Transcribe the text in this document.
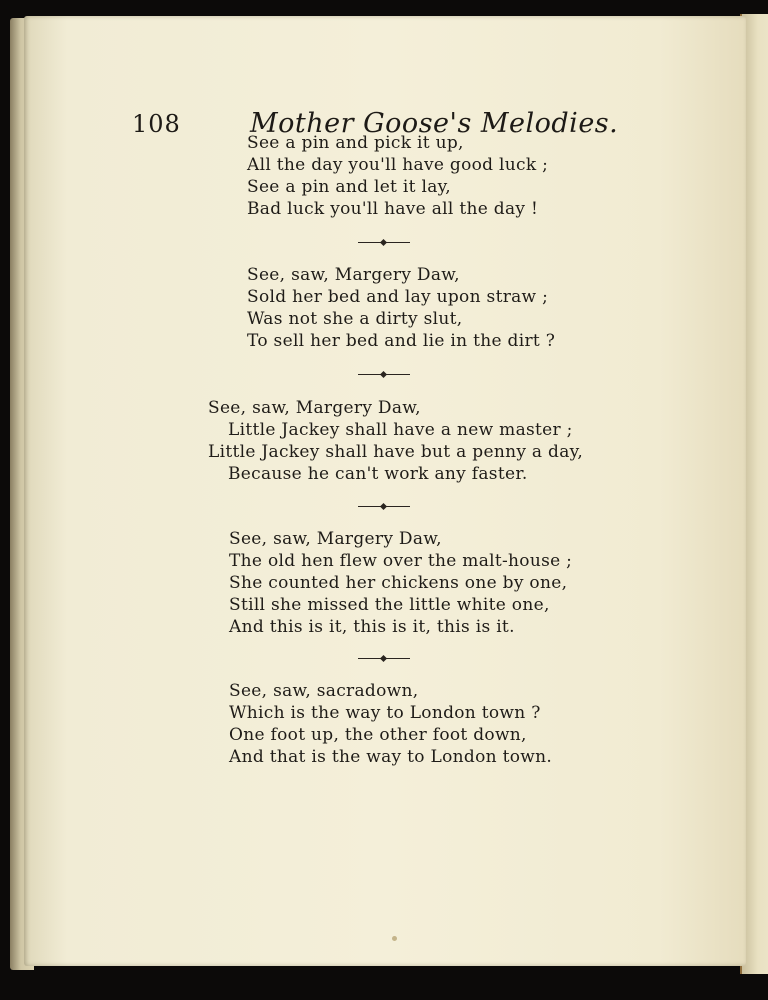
108	Mother Goose's Melodies.
See a pin and pick it up,
All the day you'll have good luck ;
See a pin and let it lay,
Bad luck you'll have all the day !
See, saw, Margery Daw,
Sold her bed and lay upon straw ;
Was not she a dirty slut,
To sell her bed and lie in the dirt ?
See, saw, Margery Daw,
Little Jackey shall have a new master ;
Little Jackey shall have but a penny a day,
Because he can't work any faster.
See, saw, Margery Daw,
The old hen flew over the malt-house ;
She counted her chickens one by one,
Still she missed the little white one,
And this is it, this is it, this is it.
See, saw, sacradown,
Which is the way to London town ?
One foot up, the other foot down,
And that is the way to London town.
